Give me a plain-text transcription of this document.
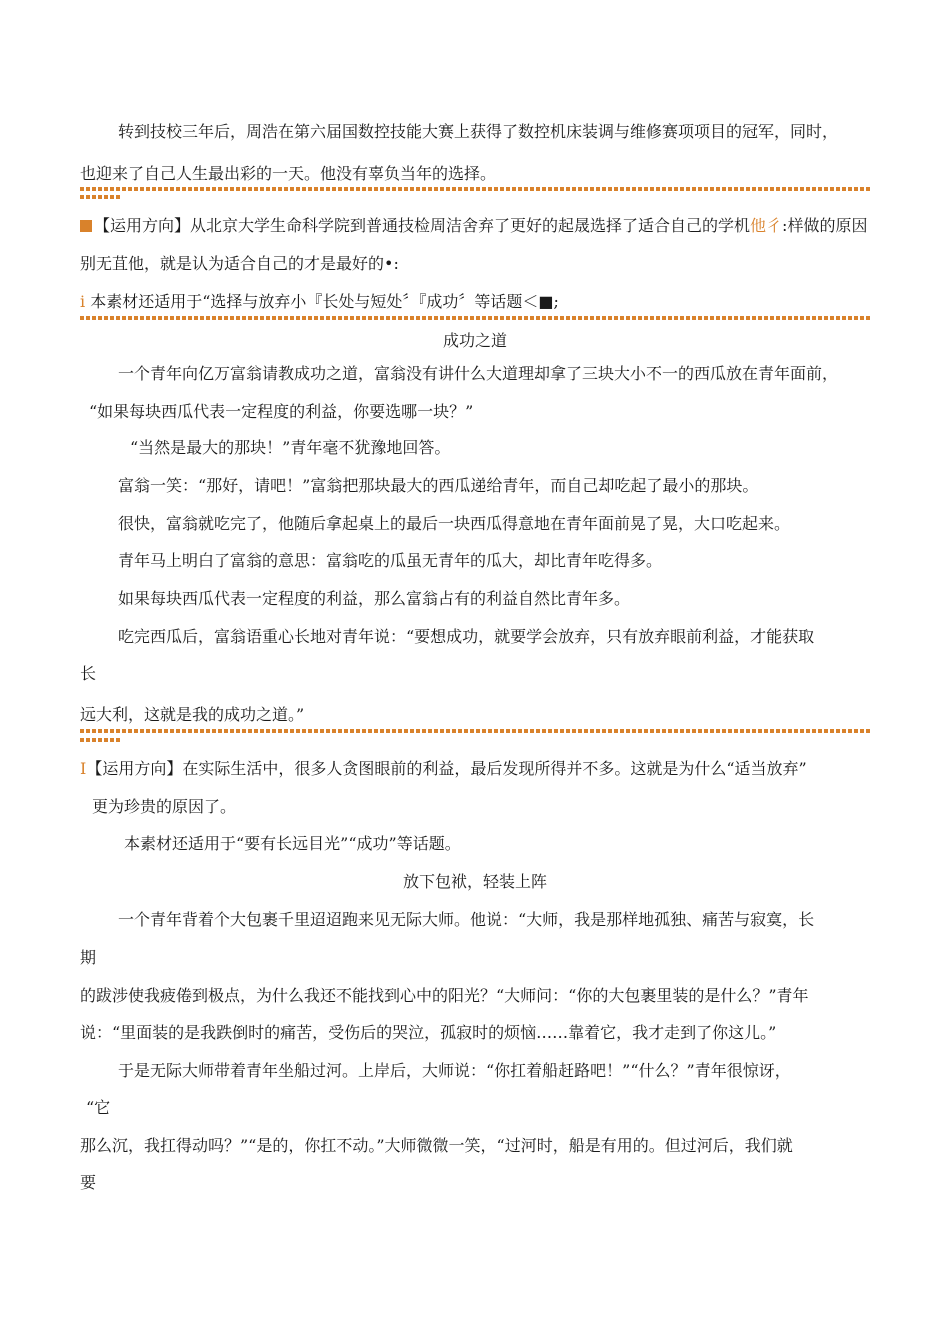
转到技校三年后，周浩在第六届国数控技能大赛上获得了数控机床装调与维修赛项项目的冠军，同时，
也迎来了自己人生最出彩的一天。他没有辜负当年的选择。
【运用方向】从北京大学生命科学院到普通技检周洁舍弃了更好的起晟选择了适合自己的学机他彳:样做的原因
别无苴他，就是认为适合自己的才是最好的•:
i 本素材还适用于“选择与放弃小『长处与短处〞『成功〞等话题＜■;
成功之道
一个青年向亿万富翁请教成功之道，富翁没有讲什么大道理却拿了三块大小不一的西瓜放在青年面前，
“如果每块西瓜代表一定程度的利益，你要选哪一块？”
“当然是最大的那块！”青年毫不犹豫地回答。
富翁一笑：“那好，请吧！”富翁把那块最大的西瓜递给青年，而自己却吃起了最小的那块。
很快，富翁就吃完了，他随后拿起桌上的最后一块西瓜得意地在青年面前晃了晃，大口吃起来。
青年马上明白了富翁的意思：富翁吃的瓜虽无青年的瓜大，却比青年吃得多。
如果每块西瓜代表一定程度的利益，那么富翁占有的利益自然比青年多。
吃完西瓜后，富翁语重心长地对青年说：“要想成功，就要学会放弃，只有放弃眼前利益，才能获取
长
远大利，这就是我的成功之道。”
I【运用方向】在实际生活中，很多人贪图眼前的利益，最后发现所得并不多。这就是为什么“适当放弃”
更为珍贵的原因了。
本素材还适用于“要有长远目光”“成功”等话题。
放下包袱，轻装上阵
一个青年背着个大包裹千里迢迢跑来见无际大师。他说：“大师，我是那样地孤独、痛苦与寂寞，长
期
的跋涉使我疲倦到极点，为什么我还不能找到心中的阳光？“大师问：“你的大包裹里装的是什么？”青年
说：“里面装的是我跌倒时的痛苦，受伤后的哭泣，孤寂时的烦恼……靠着它，我才走到了你这儿。”
于是无际大师带着青年坐船过河。上岸后，大师说：“你扛着船赶路吧！”“什么？”青年很惊讶，
“它
那么沉，我扛得动吗？”“是的，你扛不动。”大师微微一笑，“过河时，船是有用的。但过河后，我们就
要
